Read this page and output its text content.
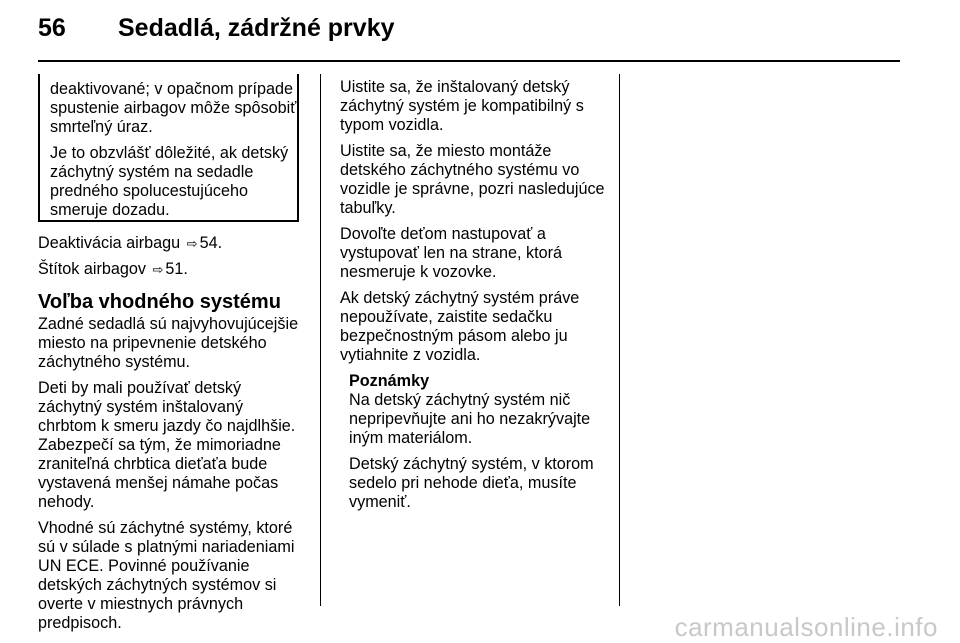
56 Sedadlá, zádržné prvky

deaktivované; v opačnom prípade spustenie airbagov môže spôsobiť smrteľný úraz.

Je to obzvlášť dôležité, ak detský záchytný systém na sedadle predného spolucestujúceho smeruje dozadu.

Deaktivácia airbagu ⇨ 54.

Štítok airbagov ⇨ 51.

Voľba vhodného systému

Zadné sedadlá sú najvyhovujúcejšie miesto na pripevnenie detského záchytného systému.

Deti by mali používať detský záchytný systém inštalovaný chrbtom k smeru jazdy čo najdlhšie. Zabezpečí sa tým, že mimoriadne zraniteľná chrbtica dieťaťa bude vystavená menšej námahe počas nehody.

Vhodné sú záchytné systémy, ktoré sú v súlade s platnými nariadeniami UN ECE. Povinné používanie detských záchytných systémov si overte v miestnych právnych predpisoch.

Uistite sa, že inštalovaný detský záchytný systém je kompatibilný s typom vozidla.

Uistite sa, že miesto montáže detského záchytného systému vo vozidle je správne, pozri nasledujúce tabuľky.

Dovoľte deťom nastupovať a vystupovať len na strane, ktorá nesmeruje k vozovke.

Ak detský záchytný systém práve nepoužívate, zaistite sedačku bezpečnostným pásom alebo ju vytiahnite z vozidla.

Poznámky

Na detský záchytný systém nič nepripevňujte ani ho nezakrývajte iným materiálom.

Detský záchytný systém, v ktorom sedelo pri nehode dieťa, musíte vymeniť.

carmanualsonline.info
